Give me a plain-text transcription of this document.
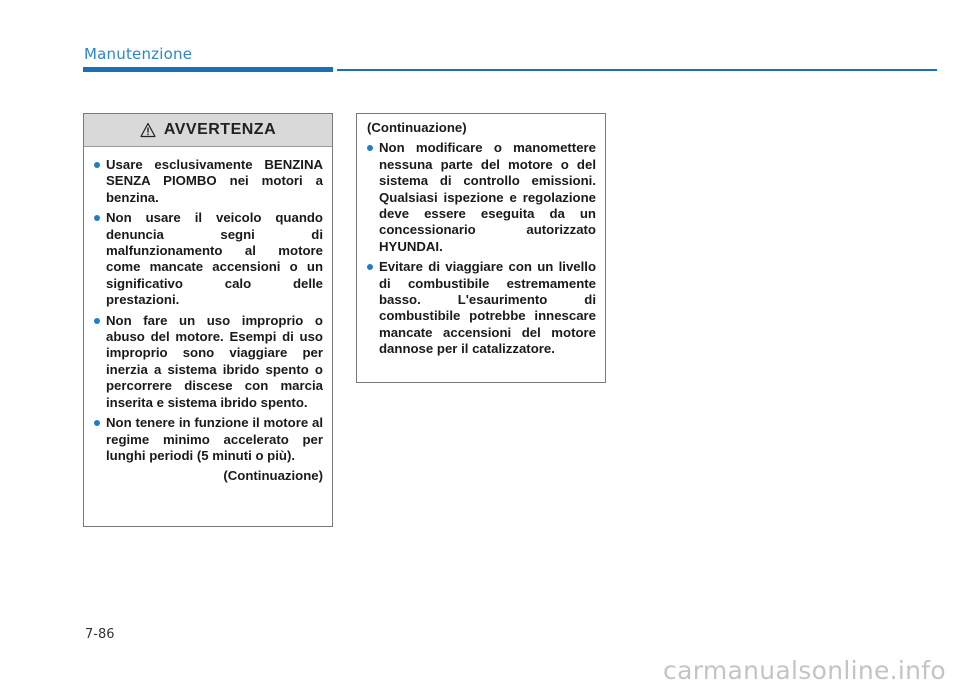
Manutenzione
AVVERTENZA
Usare esclusivamente BENZINA SENZA PIOMBO nei motori a benzina.
Non usare il veicolo quando denuncia segni di malfunzionamento al motore come mancate accensioni o un significativo calo delle prestazioni.
Non fare un uso improprio o abuso del motore. Esempi di uso improprio sono viaggiare per inerzia a sistema ibrido spento o percorrere discese con marcia inserita e sistema ibrido spento.
Non tenere in funzione il motore al regime minimo accelerato per lunghi periodi (5 minuti o più).
(Continuazione)
(Continuazione)
Non modificare o manomettere nessuna parte del motore o del sistema di controllo emissioni. Qualsiasi ispezione e regolazione deve essere eseguita da un concessionario autorizzato HYUNDAI.
Evitare di viaggiare con un livello di combustibile estremamente basso. L'esaurimento di combustibile potrebbe innescare mancate accensioni del motore dannose per il catalizzatore.
7-86
carmanualsonline.info
